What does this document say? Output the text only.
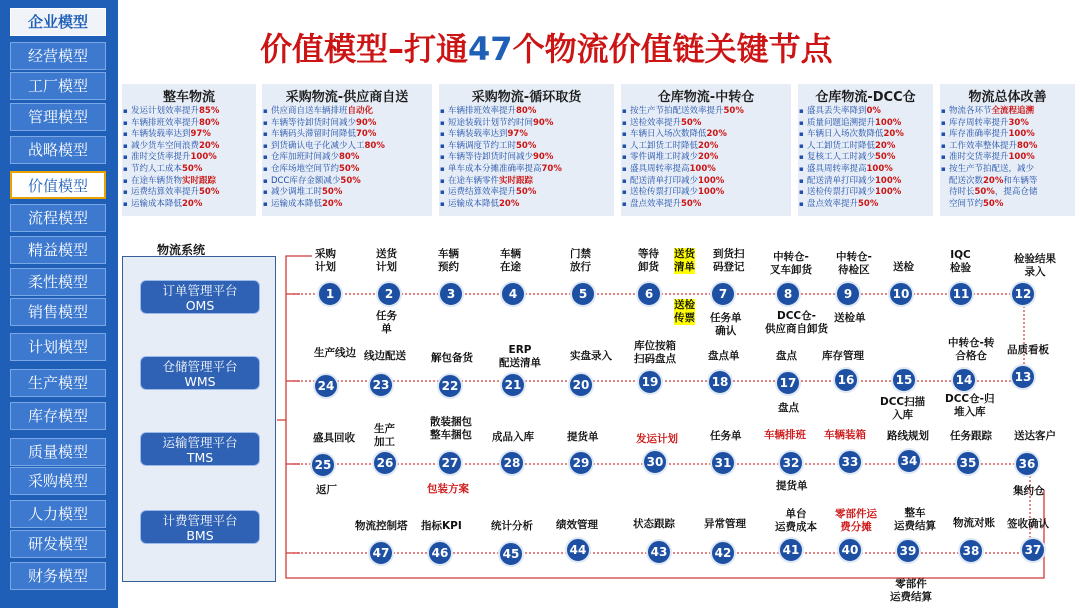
企业模型
经营模型
工厂模型
管理模型
战略模型
价值模型
流程模型
精益模型
柔性模型
销售模型
计划模型
生产模型
库存模型
质量模型
采购模型
人力模型
研发模型
财务模型
价值模型–打通47个物流价值链关键节点
整车物流
▪ 发运计划效率提升85%
▪ 车辆排班效率提升80%
▪ 车辆装载率达到97%
▪ 减少货车空间浪费20%
▪ 准时交货率提升100%
▪ 节约人工成本50%
▪ 在途车辆货物实时跟踪
▪ 运费结算效率提升50%
▪ 运输成本降低20%
采购物流-供应商自送
▪ 供应商自送车辆排班自动化
▪ 车辆等待卸货时间减少90%
▪ 车辆码头滞留时间降低70%
▪ 到货确认电子化减少人工80%
▪ 仓库加班时间减少80%
▪ 仓库场地空间节约50%
▪ DCC库存金额减少50%
▪ 减少调堆工时50%
▪ 运输成本降低20%
采购物流-循环取货
▪ 车辆排班效率提升80%
▪ 短途装载计划节约时间90%
▪ 车辆装载率达到97%
▪ 车辆调度节约工时50%
▪ 车辆等待卸货时间减少90%
▪ 单车成本分摊准确率提高70%
▪ 在途车辆零件实时跟踪
▪ 运费结算效率提升50%
▪ 运输成本降低20%
仓库物流-中转仓
▪ 按生产节拍配送效率提升50%
▪ 送检效率提升50%
▪ 车辆日入场次数降低20%
▪ 人工卸货工时降低20%
▪ 零件调堆工时减少20%
▪ 盛具周转率提高100%
▪ 配送清单打印减少100%
▪ 送检传票打印减少100%
▪ 盘点效率提升50%
仓库物流-DCC仓
▪ 盛具丢失率降到0%
▪ 质量问题追溯提升100%
▪ 车辆日入场次数降低20%
▪ 人工卸货工时降低20%
▪ 复核工人工时减少50%
▪ 盛具周转率提高100%
▪ 配送清单打印减少100%
▪ 送检传票打印减少100%
▪ 盘点效率提升50%
物流总体改善
▪ 物流各环节全流程追溯
▪ 库存周转率提升30%
▪ 库存准确率提升100%
▪ 工作效率整体提升80%
▪ 准时交货率提升100%
▪ 按生产节拍配送，减少
配送次数20%和车辆等
待时长50%，提高仓储
空间节约50%
物流系统
订单管理平台
OMS
仓储管理平台
WMS
运输管理平台
TMS
计费管理平台
BMS
1	2	3	4	5	6	7	8	9	10	11	12
13
14
15
16
17
18
19
20
21
22
23
24
25	26	27	28	29	30	31	32	33	34	35	36
37
38
39
40
41
42
43
44
45
46
47
采购
计划
送货
计划
任务
单
车辆
预约
车辆
在途
门禁
放行
等待
卸货
送货
清单
送检
传票
到货扫
码登记
任务单
确认
中转仓-
叉车卸货
DCC仓-
供应商自卸货
中转仓-
待检区
送检单
送检
IQC
检验
检验结果
录入
品质看板
中转仓-转
合格仓
DCC仓-归
堆入库
DCC扫描
入库
库存管理
盘点
盘点
盘点单
库位按箱
扫码盘点
实盘录入
ERP
配送清单
解包备货
线边配送
生产线边
盛具回收
返厂
生产
加工
散装捆包
整车捆包
包装方案
成品入库	提货单	发运计划	任务单 车辆排班
提货单
车辆装箱 路线规划 任务跟踪 送达客户
集约仓
签收确认
物流对账
整车
运费结算
零部件
运费结算
零部件运
费分摊
单台
运费成本
异常管理
状态跟踪
绩效管理
统计分析
指标KPI
物流控制塔
